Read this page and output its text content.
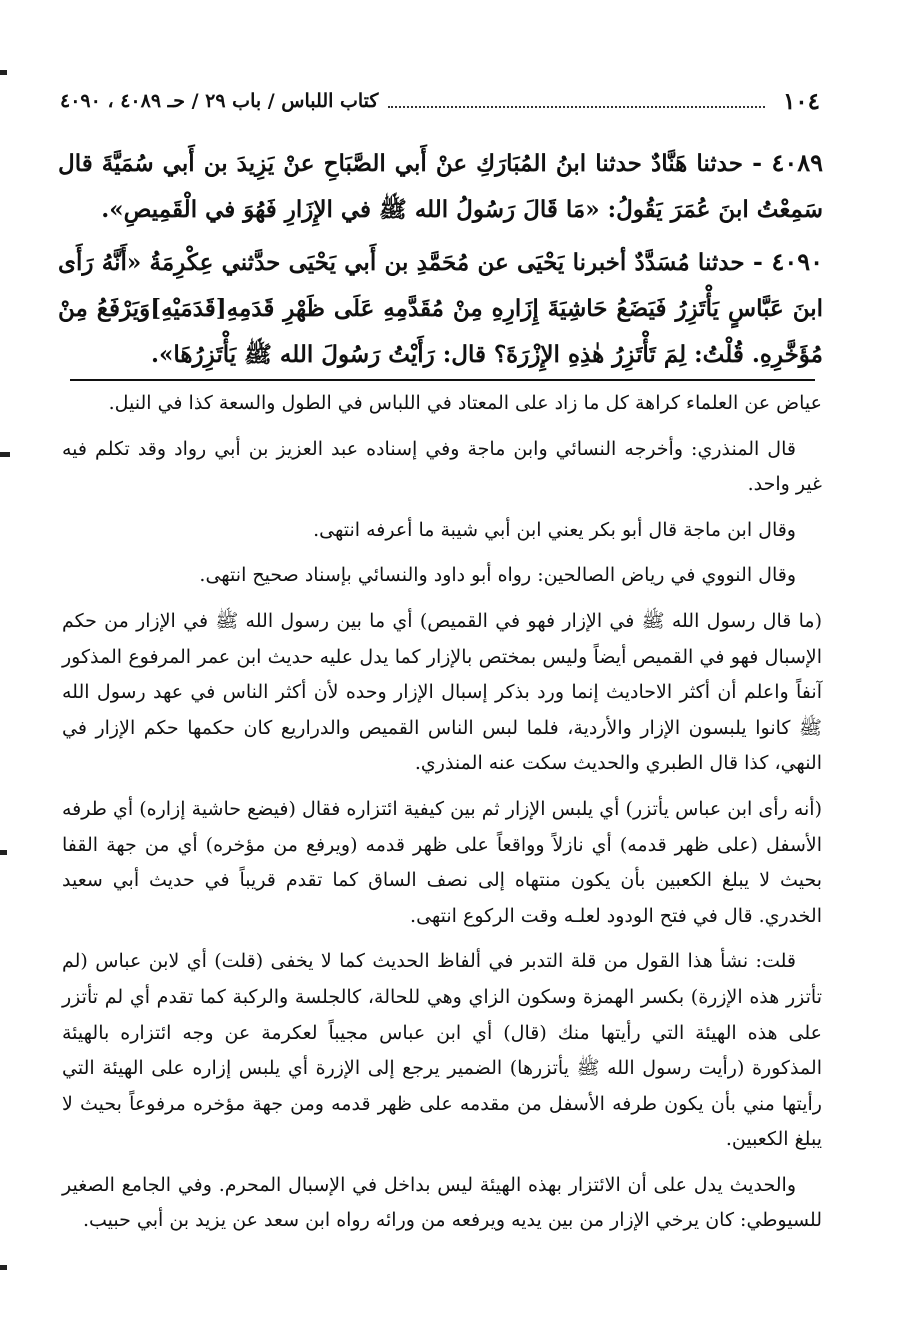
١٠٤
كتاب اللباس / باب ٢٩ / حـ ٤٠٨٩ ، ٤٠٩٠

٤٠٨٩ - حدثنا هَنَّادٌ حدثنا ابنُ المُبَارَكِ عنْ أَبي الصَّبَاحِ عنْ يَزِيدَ بن أَبي سُمَيَّةَ قال سَمِعْتُ ابنَ عُمَرَ يَقُولُ: «مَا قَالَ رَسُولُ الله ﷺ في الإِزَارِ فَهُوَ في الْقَمِيصِ».

٤٠٩٠ - حدثنا مُسَدَّدٌ أخبرنا يَحْيَى عن مُحَمَّدِ بن أَبي يَحْيَى حدَّثني عِكْرِمَةُ «أَنَّهُ رَأَى ابنَ عَبَّاسٍ يَأْتَزِرُ فَيَضَعُ حَاشِيَةَ إِزَارِهِ مِنْ مُقَدَّمِهِ عَلَى ظَهْرِ قَدَمِهِ[قَدَمَيْهِ]وَيَرْفَعُ مِنْ مُؤَخَّرِهِ. قُلْتُ: لِمَ تَأْتَزِرُ هٰذِهِ الإِزْرَةَ؟ قال: رَأَيْتُ رَسُولَ الله ﷺ يَأْتَزِرُهَا».

عياض عن العلماء كراهة كل ما زاد على المعتاد في اللباس في الطول والسعة كذا في النيل.

قال المنذري: وأخرجه النسائي وابن ماجة وفي إسناده عبد العزيز بن أبي رواد وقد تكلم فيه غير واحد.

وقال ابن ماجة قال أبو بكر يعني ابن أبي شيبة ما أعرفه انتهى.

وقال النووي في رياض الصالحين: رواه أبو داود والنسائي بإسناد صحيح انتهى.

(ما قال رسول الله ﷺ في الإزار فهو في القميص) أي ما بين رسول الله ﷺ في الإزار من حكم الإسبال فهو في القميص أيضاً وليس بمختص بالإزار كما يدل عليه حديث ابن عمر المرفوع المذكور آنفاً واعلم أن أكثر الاحاديث إنما ورد بذكر إسبال الإزار وحده لأن أكثر الناس في عهد رسول الله ﷺ كانوا يلبسون الإزار والأردية، فلما لبس الناس القميص والدراريع كان حكمها حكم الإزار في النهي، كذا قال الطبري والحديث سكت عنه المنذري.

(أنه رأى ابن عباس يأتزر) أي يلبس الإزار ثم بين كيفية ائتزاره فقال (فيضع حاشية إزاره) أي طرفه الأسفل (على ظهر قدمه) أي نازلاً وواقعاً على ظهر قدمه (ويرفع من مؤخره) أي من جهة القفا بحيث لا يبلغ الكعبين بأن يكون منتهاه إلى نصف الساق كما تقدم قريباً في حديث أبي سعيد الخدري. قال في فتح الودود لعلـه وقت الركوع انتهى.

قلت: نشأ هذا القول من قلة التدبر في ألفاظ الحديث كما لا يخفى (قلت) أي لابن عباس (لم تأتزر هذه الإزرة) بكسر الهمزة وسكون الزاي وهي للحالة، كالجلسة والركبة كما تقدم أي لم تأتزر على هذه الهيئة التي رأيتها منك (قال) أي ابن عباس مجيباً لعكرمة عن وجه ائتزاره بالهيئة المذكورة (رأيت رسول الله ﷺ يأتزرها) الضمير يرجع إلى الإزرة أي يلبس إزاره على الهيئة التي رأيتها مني بأن يكون طرفه الأسفل من مقدمه على ظهر قدمه ومن جهة مؤخره مرفوعاً بحيث لا يبلغ الكعبين.

والحديث يدل على أن الائتزار بهذه الهيئة ليس بداخل في الإسبال المحرم. وفي الجامع الصغير للسيوطي: كان يرخي الإزار من بين يديه ويرفعه من ورائه رواه ابن سعد عن يزيد بن أبي حبيب.
